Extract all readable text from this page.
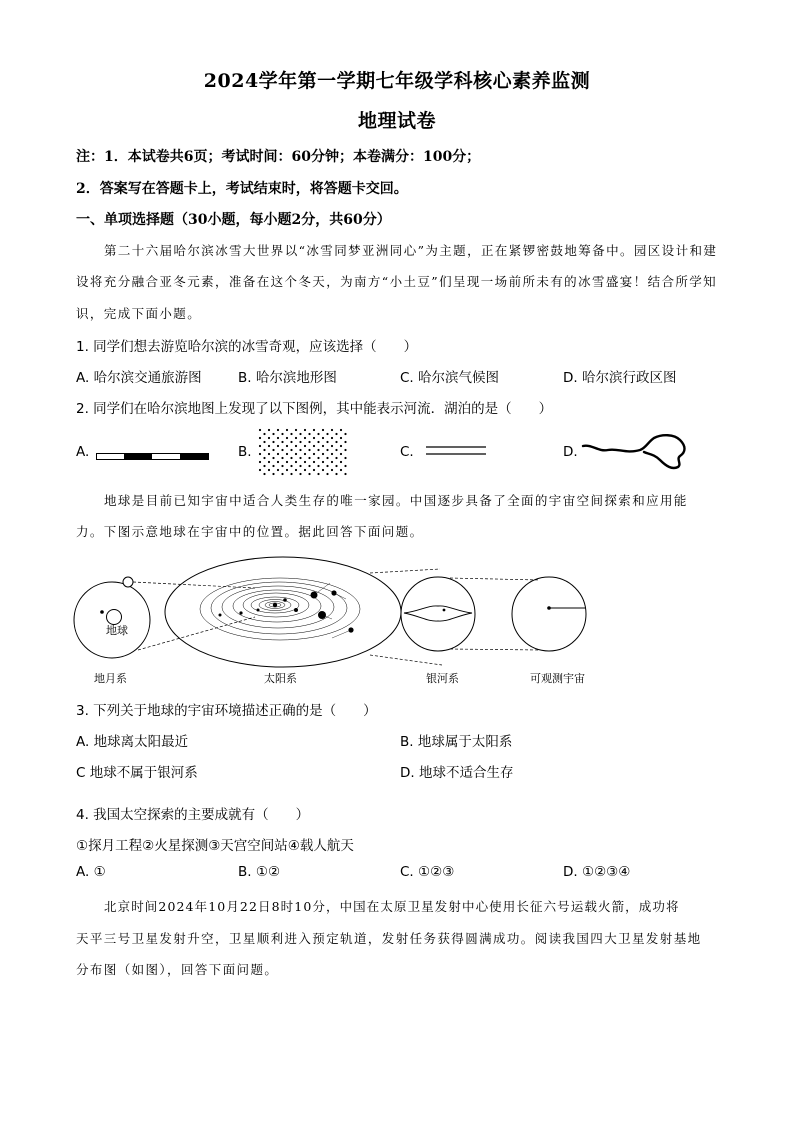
2024学年第一学期七年级学科核心素养监测
地理试卷
注：1．本试卷共6页；考试时间：60分钟；本卷满分：100分；
2．答案写在答题卡上，考试结束时，将答题卡交回。
一、单项选择题（30小题，每小题2分，共60分）
第二十六届哈尔滨冰雪大世界以“冰雪同梦亚洲同心”为主题，正在紧锣密鼓地筹备中。园区设计和建
设将充分融合亚冬元素，准备在这个冬天，为南方“小土豆”们呈现一场前所未有的冰雪盛宴！结合所学知
识，完成下面小题。
1. 同学们想去游览哈尔滨的冰雪奇观，应该选择（　　）
A. 哈尔滨交通旅游图	B. 哈尔滨地形图	C. 哈尔滨气候图	D. 哈尔滨行政区图
2. 同学们在哈尔滨地图上发现了以下图例，其中能表示河流．湖泊的是（　　）
A.	B.	C.	D.
地球是目前已知宇宙中适合人类生存的唯一家园。中国逐步具备了全面的宇宙空间探索和应用能
力。下图示意地球在宇宙中的位置。据此回答下面问题。
地球
地月系	太阳系	银河系	可观测宇宙
3. 下列关于地球的宇宙环境描述正确的是（　　）
A. 地球离太阳最近	B. 地球属于太阳系
C 地球不属于银河系	D. 地球不适合生存
4. 我国太空探索的主要成就有（　　）
①探月工程②火星探测③天宫空间站④载人航天
A. ①	B. ①②	C. ①②③	D. ①②③④
北京时间2024年10月22日8时10分，中国在太原卫星发射中心使用长征六号运载火箭，成功将
天平三号卫星发射升空，卫星顺利进入预定轨道，发射任务获得圆满成功。阅读我国四大卫星发射基地
分布图（如图），回答下面问题。
